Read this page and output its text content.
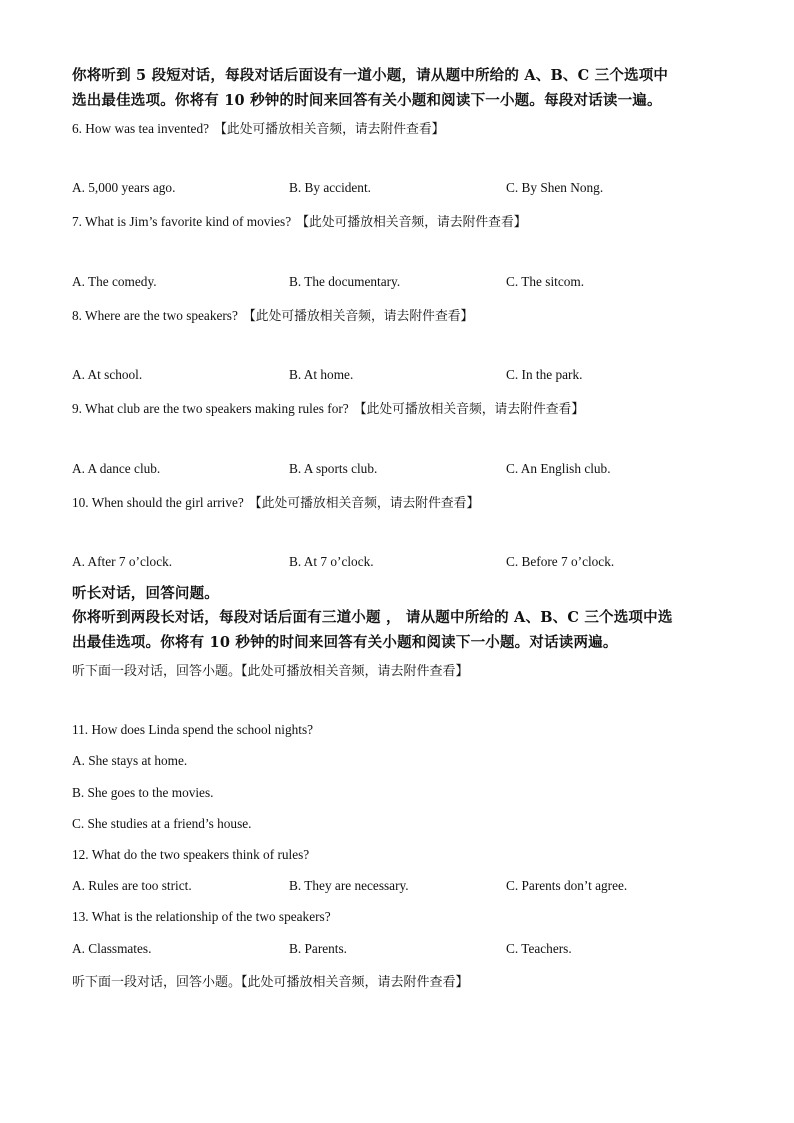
你将听到 5 段短对话，每段对话后面设有一道小题，请从题中所给的 A、B、C 三个选项中
选出最佳选项。你将有 10 秒钟的时间来回答有关小题和阅读下一小题。每段对话读一遍。
6. How was tea invented? 【此处可播放相关音频，请去附件查看】
A. 5,000 years ago.	B. By accident.	C. By Shen Nong.
7. What is Jim’s favorite kind of movies? 【此处可播放相关音频，请去附件查看】
A. The comedy.	B. The documentary.	C. The sitcom.
8. Where are the two speakers? 【此处可播放相关音频，请去附件查看】
A. At school.	B. At home.	C. In the park.
9. What club are the two speakers making rules for? 【此处可播放相关音频，请去附件查看】
A. A dance club.	B. A sports club.	C. An English club.
10. When should the girl arrive? 【此处可播放相关音频，请去附件查看】
A. After 7 o’clock.	B. At 7 o’clock.	C. Before 7 o’clock.
听长对话，回答问题。
你将听到两段长对话，每段对话后面有三道小题 ， 请从题中所给的 A、B、C 三个选项中选
出最佳选项。你将有 10 秒钟的时间来回答有关小题和阅读下一小题。对话读两遍。
听下面一段对话，回答小题。【此处可播放相关音频，请去附件查看】
11. How does Linda spend the school nights?
A. She stays at home.
B. She goes to the movies.
C. She studies at a friend’s house.
12. What do the two speakers think of rules?
A. Rules are too strict.	B. They are necessary.	C. Parents don’t agree.
13. What is the relationship of the two speakers?
A. Classmates.	B. Parents.	C. Teachers.
听下面一段对话，回答小题。【此处可播放相关音频，请去附件查看】
